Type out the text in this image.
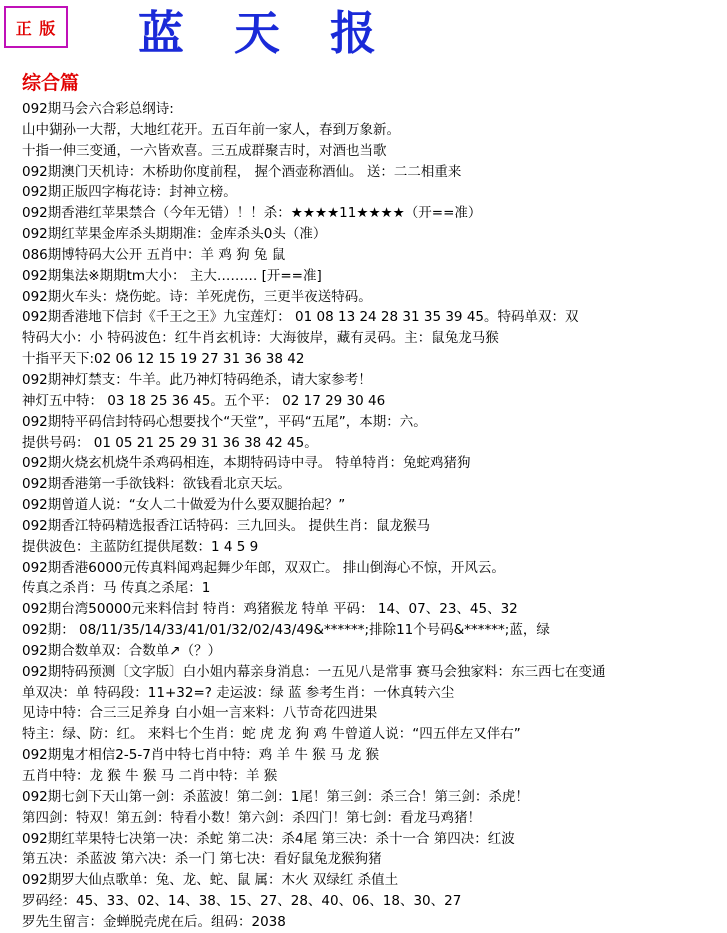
正 版 蓝天报
综合篇
092期马会六合彩总纲诗:
山中猢孙一大帮，大地红花开。五百年前一家人，春到万象新。
十指一伸三变通，一六皆欢喜。三五成群聚吉时，对酒也当歌
092期澳门天机诗：木桥助你度前程， 握个酒壶称酒仙。 送：二二相重来
092期正版四字梅花诗：封神立榜。
092期香港红苹果禁合（今年无错）！！杀：★★★★11★★★★（开==准）
092期红苹果金库杀头期期准：金库杀头0头（准）
086期博特码大公开 五肖中：羊 鸡 狗 兔 鼠
092期集法※期期tm大小： 主大……… [开==准]
092期火车头：烧伤蛇。诗：羊死虎伤，三更半夜送特码。
092期香港地下信封《千王之王》九宝莲灯： 01 08 13 24 28 31 35 39 45。特码单双：双
特码大小：小 特码波色：红牛肖玄机诗：大海彼岸，藏有灵码。主：鼠兔龙马猴
十指平天下:02 06 12 15 19 27 31 36 38 42
092期神灯禁支：牛羊。此乃神灯特码绝杀，请大家参考！
神灯五中特： 03 18 25 36 45。五个平： 02 17 29 30 46
092期特平码信封特码心想要找个“天堂”，平码“五尾”，本期：六。
提供号码： 01 05 21 25 29 31 36 38 42 45。
092期火烧玄机烧牛杀鸡码相连，本期特码诗中寻。 特单特肖：兔蛇鸡猪狗
092期香港第一手欲钱料：欲钱看北京天坛。
092期曾道人说：“女人二十做爱为什么要双腿抬起？”
092期香江特码精选报香江话特码：三九回头。 提供生肖：鼠龙猴马
提供波色：主蓝防红提供尾数：1 4 5 9
092期香港6000元传真料闻鸡起舞少年郎，双双亡。 排山倒海心不惊，开风云。
传真之杀肖：马 传真之杀尾：1
092期台湾50000元来料信封 特肖：鸡猪猴龙 特单 平码： 14、07、23、45、32
092期： 08/11/35/14/33/41/01/32/02/43/49&******;排除11个号码&******;蓝，绿
092期合数单双：合数单↗（？）
092期特码预测〔文字版〕白小姐内幕亲身消息：一五见八是常事 赛马会独家料：东三西七在变通
单双决：单 特码段：11+32=? 走运波：绿 蓝 参考生肖：一休真转六尘
见诗中特：合三三足养身 白小姐一言来料：八节奇花四进果
特主：绿、防：红。 来料七个生肖：蛇 虎 龙 狗 鸡 牛曾道人说：“四五伴左又伴右”
092期鬼才相信2-5-7肖中特七肖中特：鸡 羊 牛 猴 马 龙 猴
五肖中特：龙 猴 牛 猴 马 二肖中特：羊 猴
092期七剑下天山第一剑：杀蓝波！第二剑：1尾！第三剑：杀三合！第三剑：杀虎！
第四剑：特双！第五剑：特看小数！第六剑：杀四门！第七剑：看龙马鸡猪！
092期红苹果特七决第一决：杀蛇 第二决：杀4尾 第三决：杀十一合 第四决：红波
第五决：杀蓝波 第六决：杀一门 第七决：看好鼠兔龙猴狗猪
092期罗大仙点歌单：兔、龙、蛇、鼠 属：木火 双绿红 杀值土
罗码经：45、33、02、14、38、15、27、28、40、06、18、30、27
罗先生留言：金蝉脱壳虎在后。组码：2038
